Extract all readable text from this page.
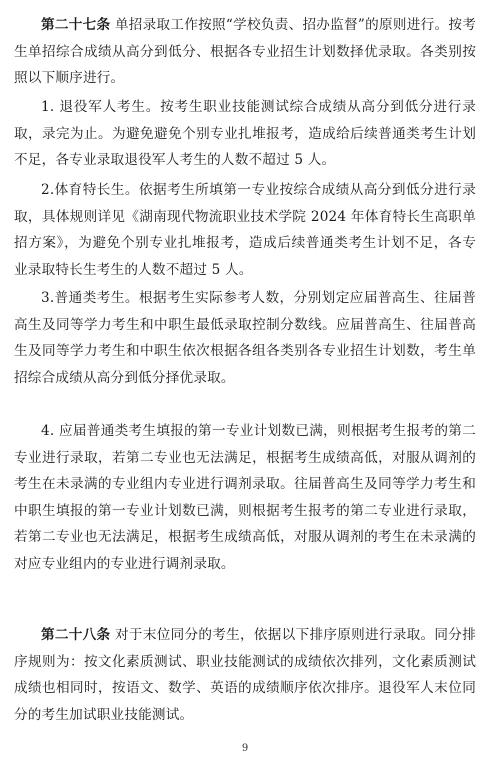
第二十七条 单招录取工作按照“学校负责、招办监督”的原则进行。按考生单招综合成绩从高分到低分、根据各专业招生计划数择优录取。各类别按照以下顺序进行。

1. 退役军人考生。按考生职业技能测试综合成绩从高分到低分进行录取，录完为止。为避免避免个别专业扎堆报考，造成给后续普通类考生计划不足，各专业录取退役军人考生的人数不超过 5 人。

2.体育特长生。依据考生所填第一专业按综合成绩从高分到低分进行录取，具体规则详见《湖南现代物流职业技术学院 2024 年体育特长生高职单招方案》，为避免个别专业扎堆报考，造成后续普通类考生计划不足，各专业录取特长生考生的人数不超过 5 人。

3.普通类考生。根据考生实际参考人数，分别划定应届普高生、往届普高生及同等学力考生和中职生最低录取控制分数线。应届普高生、往届普高生及同等学力考生和中职生依次根据各组各类别各专业招生计划数，考生单招综合成绩从高分到低分择优录取。

4. 应届普通类考生填报的第一专业计划数已满，则根据考生报考的第二专业进行录取，若第二专业也无法满足，根据考生成绩高低，对服从调剂的考生在未录满的专业组内专业进行调剂录取。往届普高生及同等学力考生和中职生填报的第一专业计划数已满，则根据考生报考的第二专业进行录取，若第二专业也无法满足，根据考生成绩高低，对服从调剂的考生在未录满的对应专业组内的专业进行调剂录取。

第二十八条 对于末位同分的考生，依据以下排序原则进行录取。同分排序规则为：按文化素质测试、职业技能测试的成绩依次排列，文化素质测试成绩也相同时，按语文、数学、英语的成绩顺序依次排序。退役军人末位同分的考生加试职业技能测试。

9
